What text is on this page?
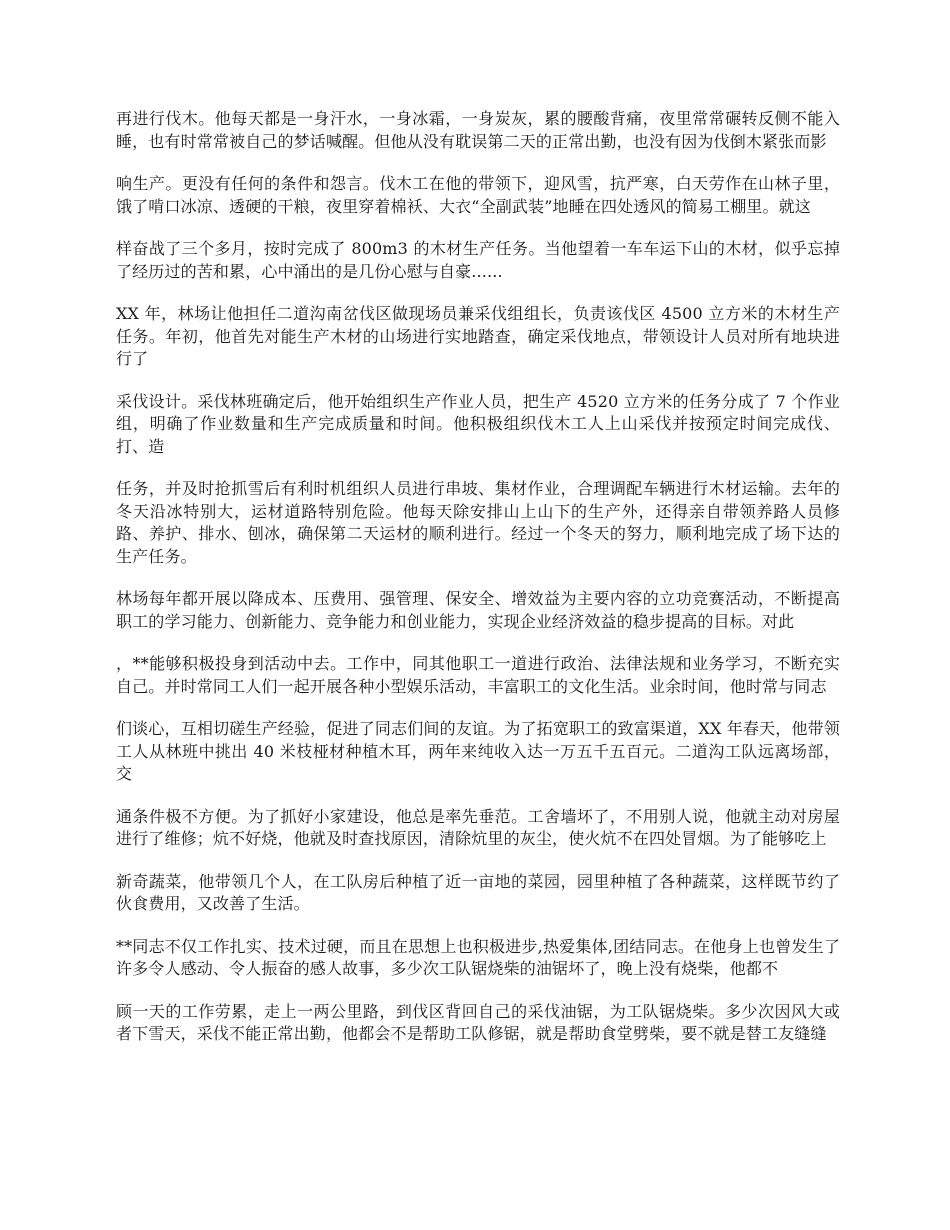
再进行伐木。他每天都是一身汗水，一身冰霜，一身炭灰，累的腰酸背痛，夜里常常碾转反侧不能入睡，也有时常常被自己的梦话喊醒。但他从没有耽误第二天的正常出勤，也没有因为伐倒木紧张而影

响生产。更没有任何的条件和怨言。伐木工在他的带领下，迎风雪，抗严寒，白天劳作在山林子里，饿了啃口冰凉、透硬的干粮，夜里穿着棉袄、大衣“全副武装”地睡在四处透风的简易工棚里。就这

样奋战了三个多月，按时完成了 800m3 的木材生产任务。当他望着一车车运下山的木材，似乎忘掉了经历过的苦和累，心中涌出的是几份心慰与自豪......

XX 年，林场让他担任二道沟南岔伐区做现场员兼采伐组组长，负责该伐区 4500 立方米的木材生产任务。年初，他首先对能生产木材的山场进行实地踏查，确定采伐地点，带领设计人员对所有地块进行了

采伐设计。采伐林班确定后，他开始组织生产作业人员，把生产 4520 立方米的任务分成了 7 个作业组，明确了作业数量和生产完成质量和时间。他积极组织伐木工人上山采伐并按预定时间完成伐、打、造

任务，并及时抢抓雪后有利时机组织人员进行串坡、集材作业，合理调配车辆进行木材运输。去年的冬天沿冰特别大，运材道路特别危险。他每天除安排山上山下的生产外，还得亲自带领养路人员修路、养护、排水、刨冰，确保第二天运材的顺利进行。经过一个冬天的努力，顺利地完成了场下达的生产任务。

林场每年都开展以降成本、压费用、强管理、保安全、增效益为主要内容的立功竞赛活动，不断提高职工的学习能力、创新能力、竞争能力和创业能力，实现企业经济效益的稳步提高的目标。对此

，**能够积极投身到活动中去。工作中，同其他职工一道进行政治、法律法规和业务学习，不断充实自己。并时常同工人们一起开展各种小型娱乐活动，丰富职工的文化生活。业余时间，他时常与同志

们谈心，互相切磋生产经验，促进了同志们间的友谊。为了拓宽职工的致富渠道，XX 年春天，他带领工人从林班中挑出 40 米枝桠材种植木耳，两年来纯收入达一万五千五百元。二道沟工队远离场部，交

通条件极不方便。为了抓好小家建设，他总是率先垂范。工舍墙坏了，不用别人说，他就主动对房屋进行了维修；炕不好烧，他就及时查找原因，清除炕里的灰尘，使火炕不在四处冒烟。为了能够吃上

新奇蔬菜，他带领几个人，在工队房后种植了近一亩地的菜园，园里种植了各种蔬菜，这样既节约了伙食费用，又改善了生活。

**同志不仅工作扎实、技术过硬，而且在思想上也积极进步,热爱集体,团结同志。在他身上也曾发生了许多令人感动、令人振奋的感人故事，多少次工队锯烧柴的油锯坏了，晚上没有烧柴，他都不

顾一天的工作劳累，走上一两公里路，到伐区背回自己的采伐油锯，为工队锯烧柴。多少次因风大或者下雪天，采伐不能正常出勤，他都会不是帮助工队修锯，就是帮助食堂劈柴，要不就是替工友缝缝
